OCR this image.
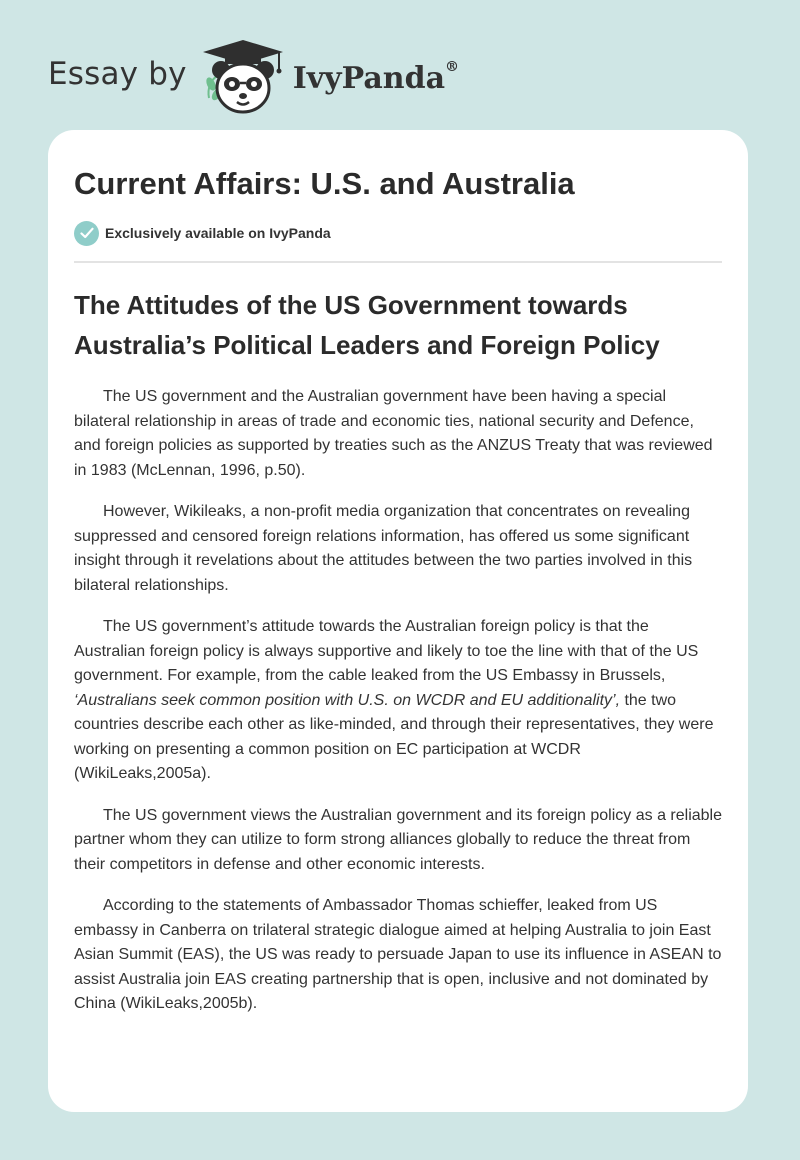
Essay by	IvyPanda®
Current Affairs: U.S. and Australia
Exclusively available on IvyPanda
The Attitudes of the US Government towards Australia’s Political Leaders and Foreign Policy

The US government and the Australian government have been having a special bilateral relationship in areas of trade and economic ties, national security and Defence, and foreign policies as supported by treaties such as the ANZUS Treaty that was reviewed in 1983 (McLennan, 1996, p.50).

However, Wikileaks, a non-profit media organization that concentrates on revealing suppressed and censored foreign relations information, has offered us some significant insight through it revelations about the attitudes between the two parties involved in this bilateral relationships.

The US government’s attitude towards the Australian foreign policy is that the Australian foreign policy is always supportive and likely to toe the line with that of the US government. For example, from the cable leaked from the US Embassy in Brussels, ‘Australians seek common position with U.S. on WCDR and EU additionality’, the two countries describe each other as like-minded, and through their representatives, they were working on presenting a common position on EC participation at WCDR (WikiLeaks,2005a).

The US government views the Australian government and its foreign policy as a reliable partner whom they can utilize to form strong alliances globally to reduce the threat from their competitors in defense and other economic interests.

According to the statements of Ambassador Thomas schieffer, leaked from US embassy in Canberra on trilateral strategic dialogue aimed at helping Australia to join East Asian Summit (EAS), the US was ready to persuade Japan to use its influence in ASEAN to assist Australia join EAS creating partnership that is open, inclusive and not dominated by China (WikiLeaks,2005b).
